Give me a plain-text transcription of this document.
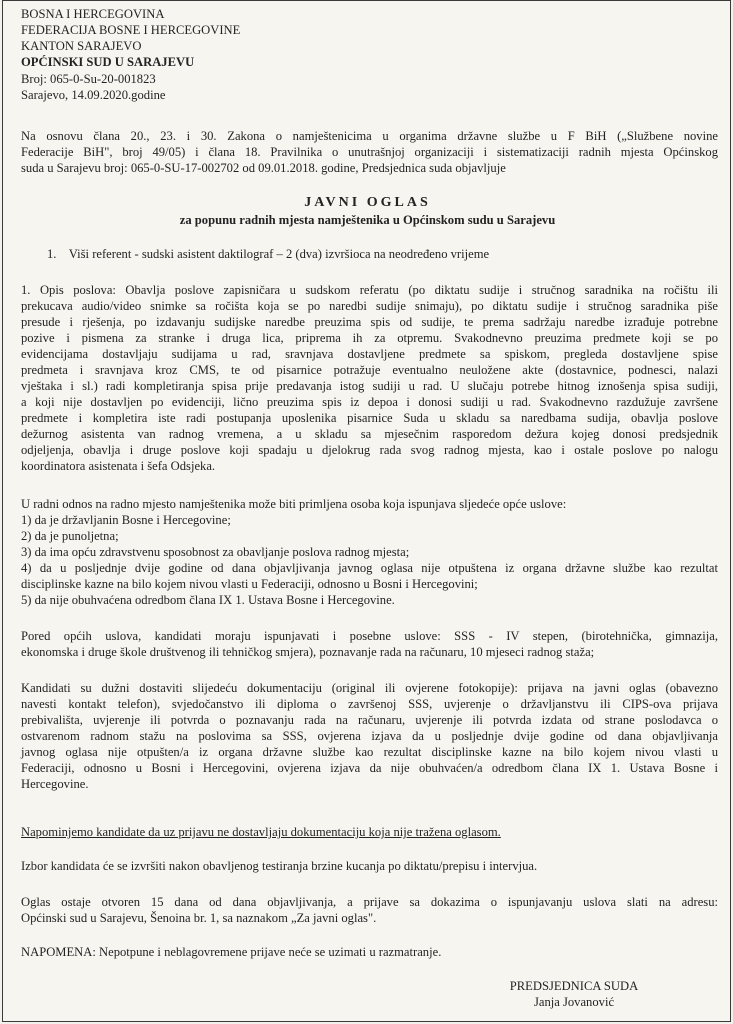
BOSNA I HERCEGOVINA
FEDERACIJA BOSNE I HERCEGOVINE
KANTON SARAJEVO
OPĆINSKI SUD U SARAJEVU
Broj: 065-0-Su-20-001823
Sarajevo, 14.09.2020.godine
Na osnovu člana 20., 23. i 30. Zakona o namještenicima u organima državne službe u F BiH („Službene novine
Federacije BiH", broj 49/05) i člana 18. Pravilnika o unutrašnjoj organizaciji i sistematizaciji radnih mjesta Općinskog
suda u Sarajevu broj: 065-0-SU-17-002702 od 09.01.2018. godine, Predsjednica suda objavljuje
JAVNI OGLAS
za popunu radnih mjesta namještenika u Općinskom sudu u Sarajevu
1.    Viši referent - sudski asistent daktilograf – 2 (dva) izvršioca na neodređeno vrijeme
1. Opis poslova: Obavlja poslove zapisničara u sudskom referatu (po diktatu sudije i stručnog saradnika na ročištu ili
prekucava audio/video snimke sa ročišta koja se po naredbi sudije snimaju), po diktatu sudije i stručnog saradnika piše
presude i rješenja, po izdavanju sudijske naredbe preuzima spis od sudije, te prema sadržaju naredbe izrađuje potrebne
pozive i pismena za stranke i druga lica, priprema ih za otpremu. Svakodnevno preuzima predmete koji se po
evidencijama dostavljaju sudijama u rad, sravnjava dostavljene predmete sa spiskom, pregleda dostavljene spise
predmeta i sravnjava kroz CMS, te od pisarnice potražuje eventualno neuložene akte (dostavnice, podnesci, nalazi
vještaka i sl.) radi kompletiranja spisa prije predavanja istog sudiji u rad. U slučaju potrebe hitnog iznošenja spisa sudiji,
a koji nije dostavljen po evidenciji, lično preuzima spis iz depoa i donosi sudiji u rad. Svakodnevno razdužuje završene
predmete i kompletira iste radi postupanja uposlenika pisarnice Suda u skladu sa naredbama sudija, obavlja poslove
dežurnog asistenta van radnog vremena, a u skladu sa mjesečnim rasporedom dežura kojeg donosi predsjednik
odjeljenja, obavlja i druge poslove koji spadaju u djelokrug rada svog radnog mjesta, kao i ostale poslove po nalogu
koordinatora asistenata i šefa Odsjeka.
U radni odnos na radno mjesto namještenika može biti primljena osoba koja ispunjava sljedeće opće uslove:
1) da je državljanin Bosne i Hercegovine;
2) da je punoljetna;
3) da ima opću zdravstvenu sposobnost za obavljanje poslova radnog mjesta;
4) da u posljednje dvije godine od dana objavljivanja javnog oglasa nije otpuštena iz organa državne službe kao rezultat
disciplinske kazne na bilo kojem nivou vlasti u Federaciji, odnosno u Bosni i Hercegovini;
5) da nije obuhvaćena odredbom člana IX 1. Ustava Bosne i Hercegovine.
Pored općih uslova, kandidati moraju ispunjavati i posebne uslove: SSS - IV stepen, (birotehnička, gimnazija,
ekonomska i druge škole društvenog ili tehničkog smjera), poznavanje rada na računaru, 10 mjeseci radnog staža;
Kandidati su dužni dostaviti slijedeću dokumentaciju (original ili ovjerene fotokopije): prijava na javni oglas (obavezno
navesti kontakt telefon), svjedočanstvo ili diploma o završenoj SSS, uvjerenje o državljanstvu ili CIPS-ova prijava
prebivališta, uvjerenje ili potvrda o poznavanju rada na računaru, uvjerenje ili potvrda izdata od strane poslodavca o
ostvarenom radnom stažu na poslovima sa SSS, ovjerena izjava da u posljednje dvije godine od dana objavljivanja
javnog oglasa nije otpušten/a iz organa državne službe kao rezultat disciplinske kazne na bilo kojem nivou vlasti u
Federaciji, odnosno u Bosni i Hercegovini, ovjerena izjava da nije obuhvaćen/a odredbom člana IX 1. Ustava Bosne i
Hercegovine.
Napominjemo kandidate da uz prijavu ne dostavljaju dokumentaciju koja nije tražena oglasom.
Izbor kandidata će se izvršiti nakon obavljenog testiranja brzine kucanja po diktatu/prepisu i intervjua.
Oglas ostaje otvoren 15 dana od dana objavljivanja, a prijave sa dokazima o ispunjavanju uslova slati na adresu:
Općinski sud u Sarajevu, Šenoina br. 1, sa naznakom „Za javni oglas".
NAPOMENA: Nepotpune i neblagovremene prijave neće se uzimati u razmatranje.
PREDSJEDNICA SUDA
Janja Jovanović
